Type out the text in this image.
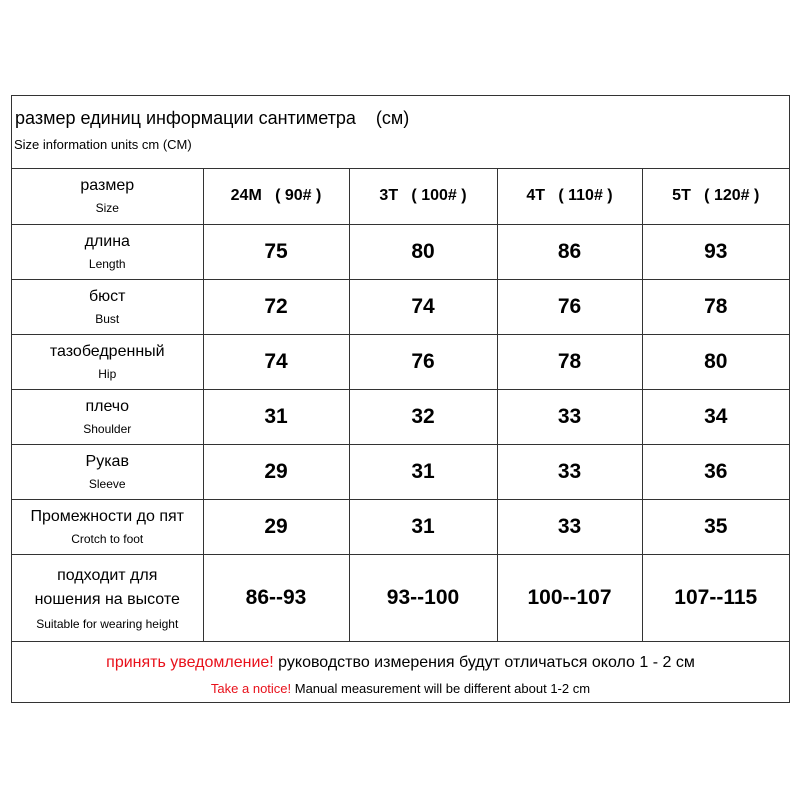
размер единиц информации сантиметра    (см)
Size information units cm (CM)
размер
Size	24M   ( 90# )	3T   ( 100# )	4T   ( 110# )	5T   ( 120# )

длина
Length	75	80	86	93

бюст
Bust	72	74	76	78

тазобедренный
Hip	74	76	78	80

плечо
Shoulder	31	32	33	34

Рукав
Sleeve	29	31	33	36

Промежности до пят
Crotch to foot	29	31	33	35

подходит для
ношения на высоте
Suitable for wearing height	86--93	93--100	100--107	107--115
принять уведомление! руководство измерения будут отличаться около 1 - 2 см
Take a notice! Manual measurement will be different about 1-2 cm
